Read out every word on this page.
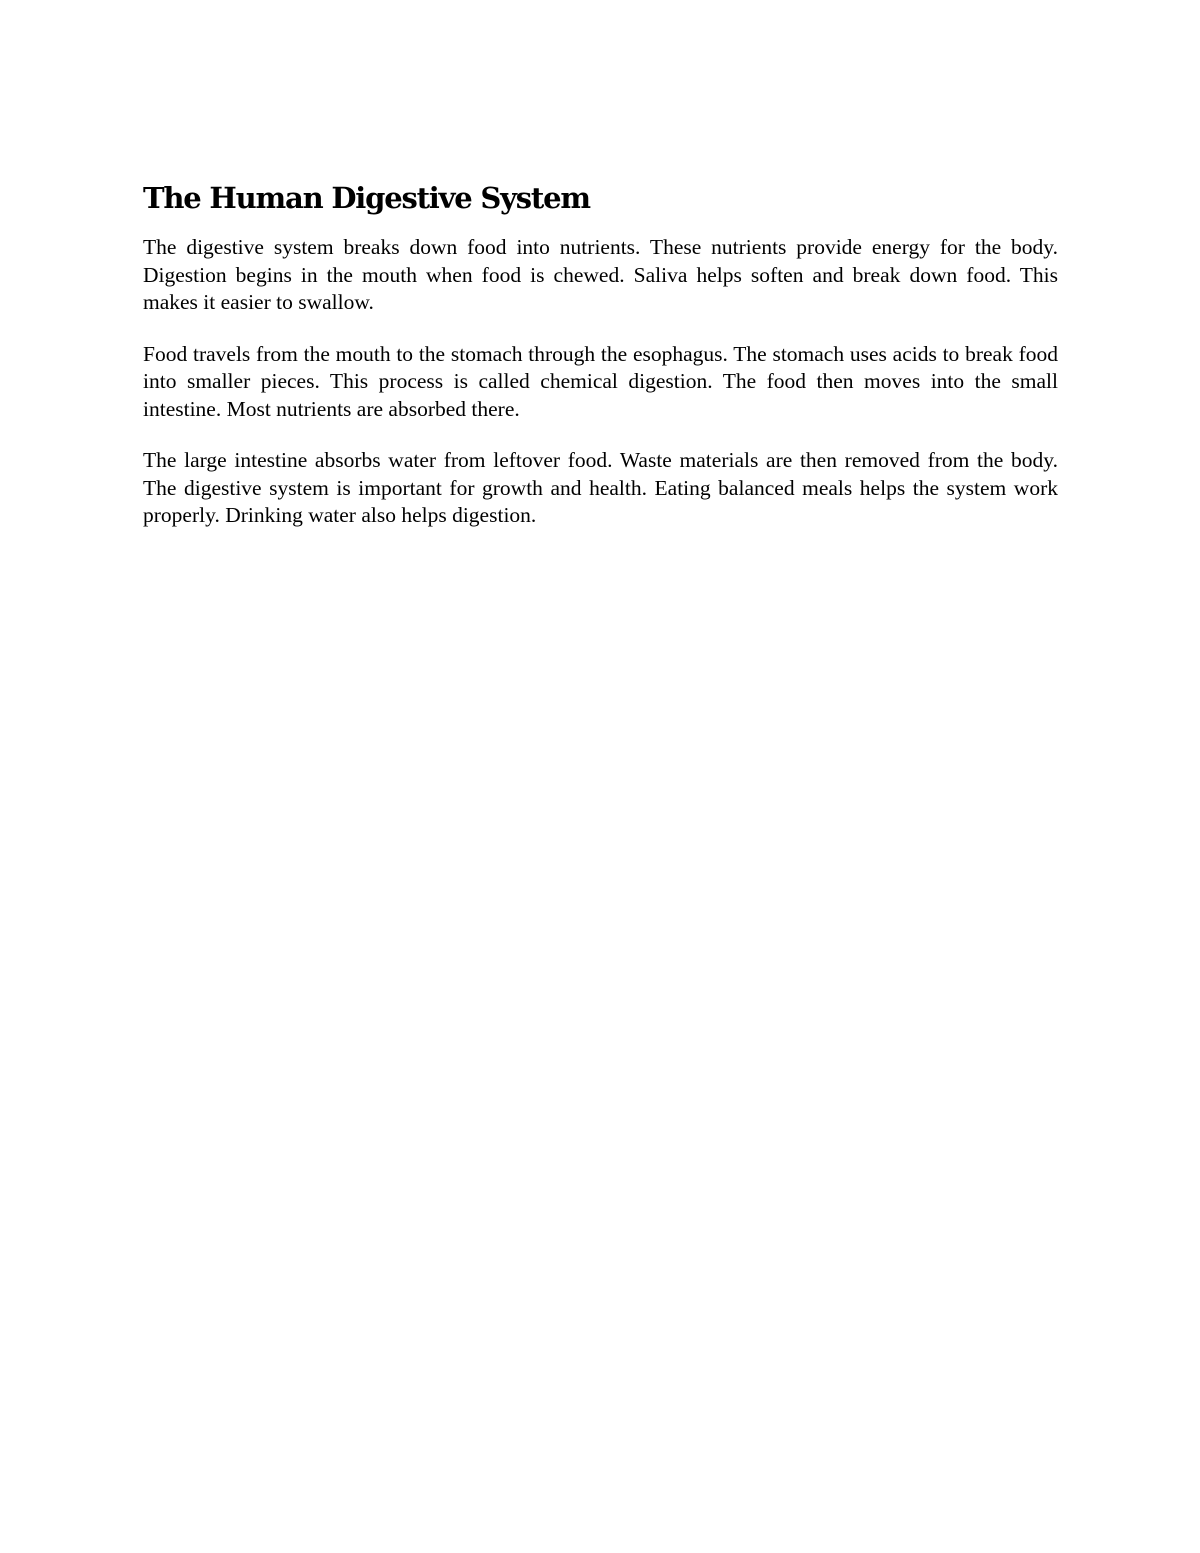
The Human Digestive System

The digestive system breaks down food into nutrients. These nutrients provide energy for the body. Digestion begins in the mouth when food is chewed. Saliva helps soften and break down food. This makes it easier to swallow.

Food travels from the mouth to the stomach through the esophagus. The stomach uses acids to break food into smaller pieces. This process is called chemical digestion. The food then moves into the small intestine. Most nutrients are absorbed there.

The large intestine absorbs water from leftover food. Waste materials are then removed from the body. The digestive system is important for growth and health. Eating balanced meals helps the system work properly. Drinking water also helps digestion.
